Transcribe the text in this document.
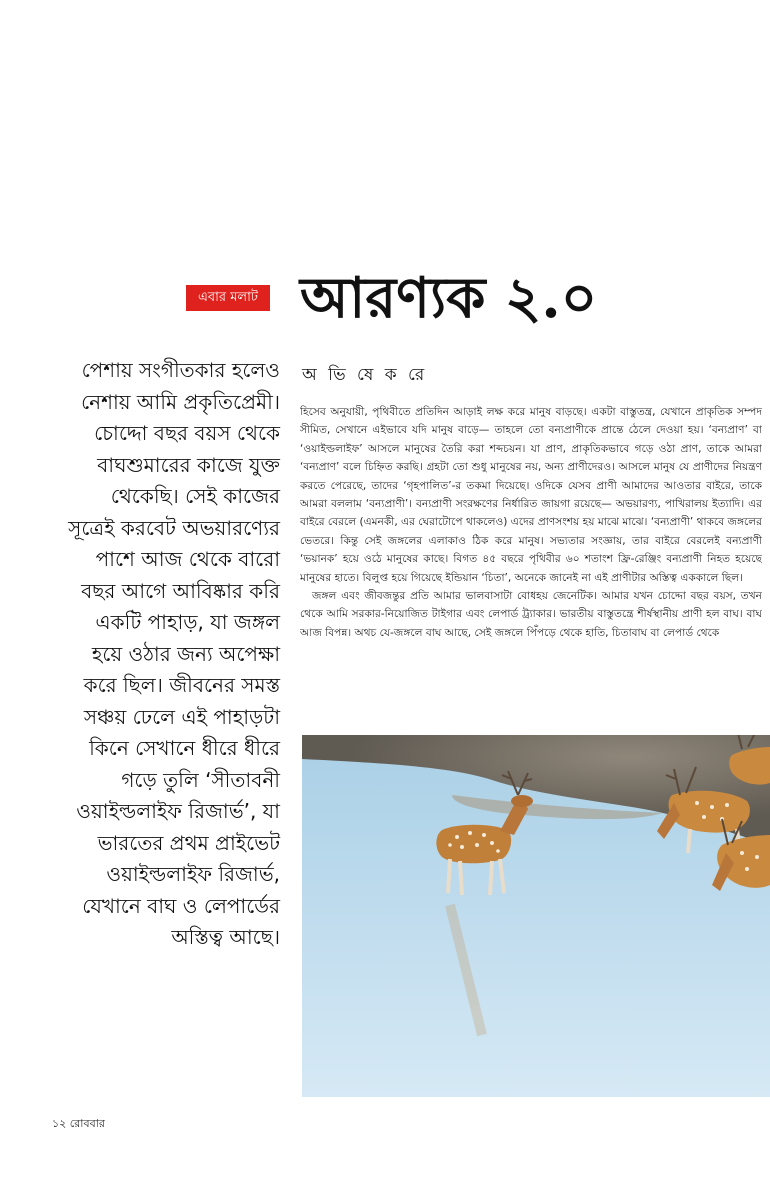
এবার মলাট আরণ্যক ২.০
পেশায় সংগীতকার হলেও নেশায় আমি প্রকৃতিপ্রেমী। চোদ্দো বছর বয়স থেকে বাঘশুমারের কাজে যুক্ত থেকেছি। সেই কাজের সূত্রেই করবেট অভয়ারণ্যের পাশে আজ থেকে বারো বছর আগে আবিষ্কার করি একটি পাহাড়, যা জঙ্গল হয়ে ওঠার জন্য অপেক্ষা করে ছিল। জীবনের সমস্ত সঞ্চয় ঢেলে এই পাহাড়টা কিনে সেখানে ধীরে ধীরে গড়ে তুলি ‘সীতাবনী ওয়াইল্ডলাইফ রিজার্ভ’, যা ভারতের প্রথম প্রাইভেট ওয়াইল্ডলাইফ রিজার্ভ, যেখানে বাঘ ও লেপার্ডের অস্তিত্ব আছে।
অ ভি ষে ক রে

হিসেব অনুযায়ী, পৃথিবীতে প্রতিদিন আড়াই লক্ষ করে মানুষ বাড়ছে। একটা বাস্তুতন্ত্র, যেখানে প্রাকৃতিক সম্পদ সীমিত, সেখানে এইভাবে যদি মানুষ বাড়ে— তাহলে তো বন্যপ্রাণীকে প্রান্তে ঠেলে দেওয়া হয়। ‘বন্যপ্রাণ’ বা ‘ওয়াইল্ডলাইফ’ আসলে মানুষের তৈরি করা শব্দচয়ন। যা প্রাণ, প্রাকৃতিকভাবে গড়ে ওঠা প্রাণ, তাকে আমরা ‘বন্যপ্রাণ’ বলে চিহ্নিত করছি। গ্রহটা তো শুধু মানুষের নয়, অন্য প্রাণীদেরও। আসলে মানুষ যে প্রাণীদের নিয়ন্ত্রণ করতে পেরেছে, তাদের ‘গৃহপালিত’-র তকমা দিয়েছে। ওদিকে যেসব প্রাণী আমাদের আওতার বাইরে, তাকে আমরা বললাম ‘বন্যপ্রাণী’। বন্যপ্রাণী সংরক্ষণের নির্ধারিত জায়গা রয়েছে— অভয়ারণ্য, পাখিরালয় ইত্যাদি। এর বাইরে বেরলে (এমনকী, এর ঘেরাটোপে থাকলেও) এদের প্রাণসংশয় হয় মাঝে মাঝে। ‘বন্যপ্রাণী’ থাকবে জঙ্গলের ভেতরে। কিন্তু সেই জঙ্গলের এলাকাও ঠিক করে মানুষ। সভ্যতার সংজ্ঞায়, তার বাইরে বেরলেই বন্যপ্রাণী ‘ভয়ানক’ হয়ে ওঠে মানুষের কাছে। বিগত ৪৫ বছরে পৃথিবীর ৬০ শতাংশ ফ্রি-রেঞ্জিং বন্যপ্রাণী নিহত হয়েছে মানুষের হাতে। বিলুপ্ত হয়ে গিয়েছে ইন্ডিয়ান ‘চিতা’, অনেকে জানেই না এই প্রাণীটার অস্তিত্ব এককালে ছিল।

জঙ্গল এবং জীবজন্তুর প্রতি আমার ভালবাসাটা বোধহয় জেনেটিক। আমার যখন চোদ্দো বছর বয়স, তখন থেকে আমি সরকার-নিয়োজিত টাইগার এবং লেপার্ড ট্র্যাকার। ভারতীয় বাস্তুতন্ত্রে শীর্ষস্থানীয় প্রাণী হল বাঘ। বাঘ আজ বিপন্ন। অথচ যে-জঙ্গলে বাঘ আছে, সেই জঙ্গলে পিঁপড়ে থেকে হাতি, চিতাবাঘ বা লেপার্ড থেকে

১২ রোববার
